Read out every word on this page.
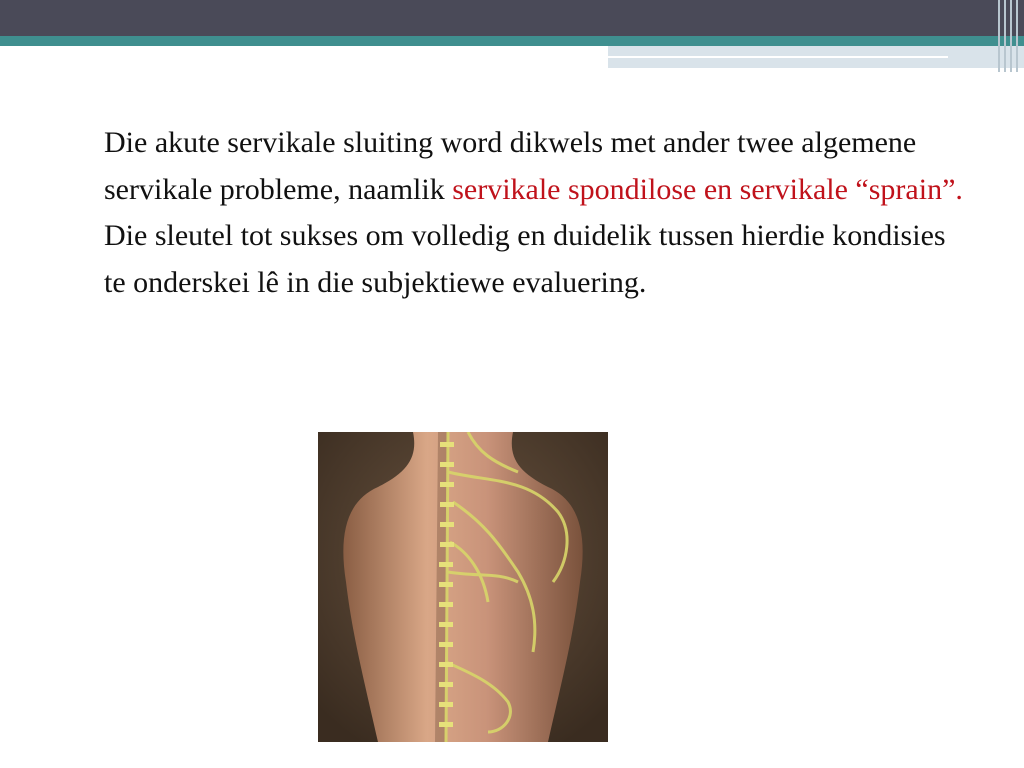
Die akute servikale sluiting word dikwels met ander twee algemene servikale probleme, naamlik servikale spondilose en servikale “sprain”. Die sleutel tot sukses om volledig en duidelik tussen hierdie kondisies te onderskei lê in die subjektiewe evaluering.
